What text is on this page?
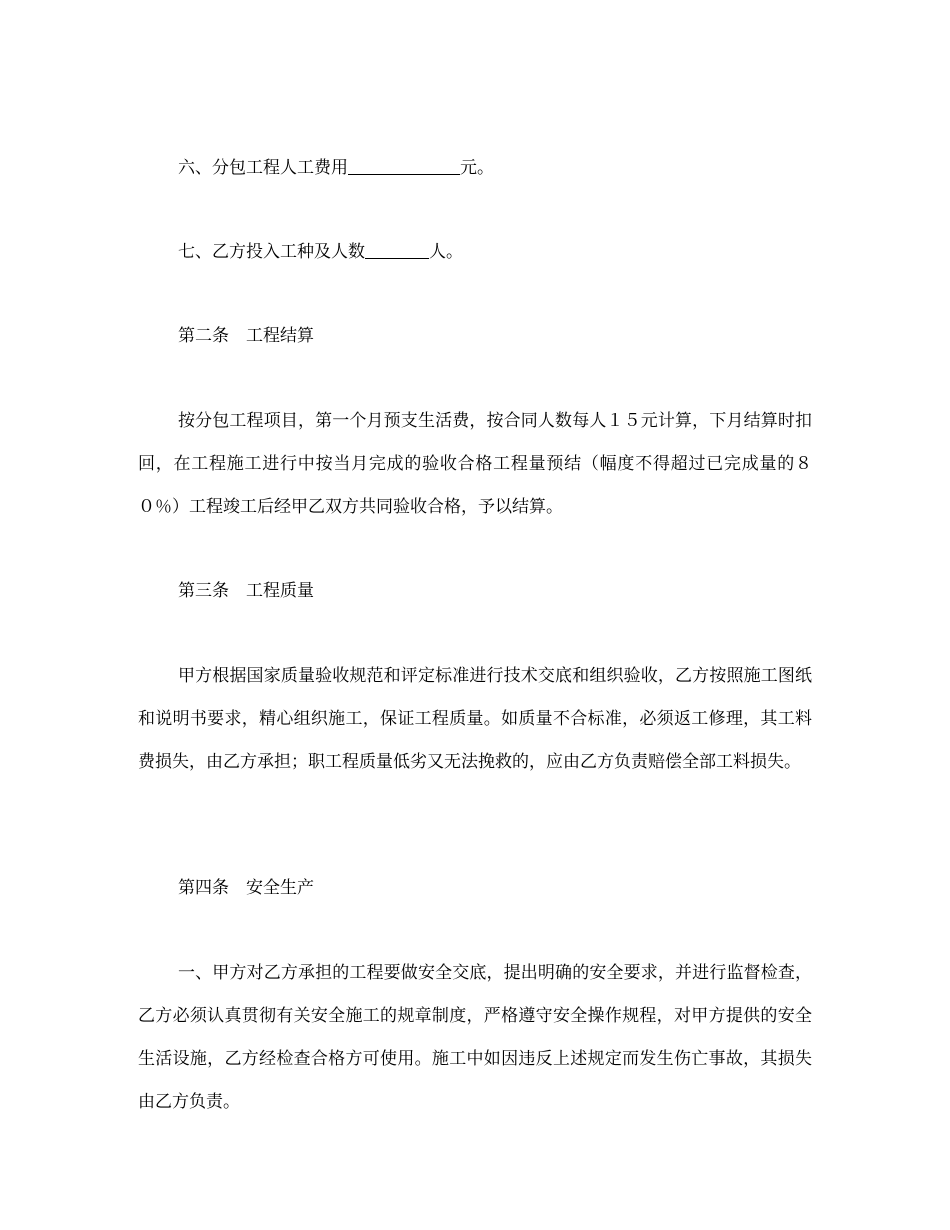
六、分包工程人工费用	元。
七、乙方投入工种及人数	人。
第二条　工程结算
按分包工程项目，第一个月预支生活费，按合同人数每人１５元计算，下月结算时扣回，在工程施工进行中按当月完成的验收合格工程量预结（幅度不得超过已完成量的８０％）工程竣工后经甲乙双方共同验收合格，予以结算。
第三条　工程质量
甲方根据国家质量验收规范和评定标准进行技术交底和组织验收，乙方按照施工图纸和说明书要求，精心组织施工，保证工程质量。如质量不合标准，必须返工修理，其工料费损失，由乙方承担；职工程质量低劣又无法挽救的，应由乙方负责赔偿全部工料损失。
第四条　安全生产
一、甲方对乙方承担的工程要做安全交底，提出明确的安全要求，并进行监督检查，乙方必须认真贯彻有关安全施工的规章制度，严格遵守安全操作规程，对甲方提供的安全生活设施，乙方经检查合格方可使用。施工中如因违反上述规定而发生伤亡事故，其损失由乙方负责。
